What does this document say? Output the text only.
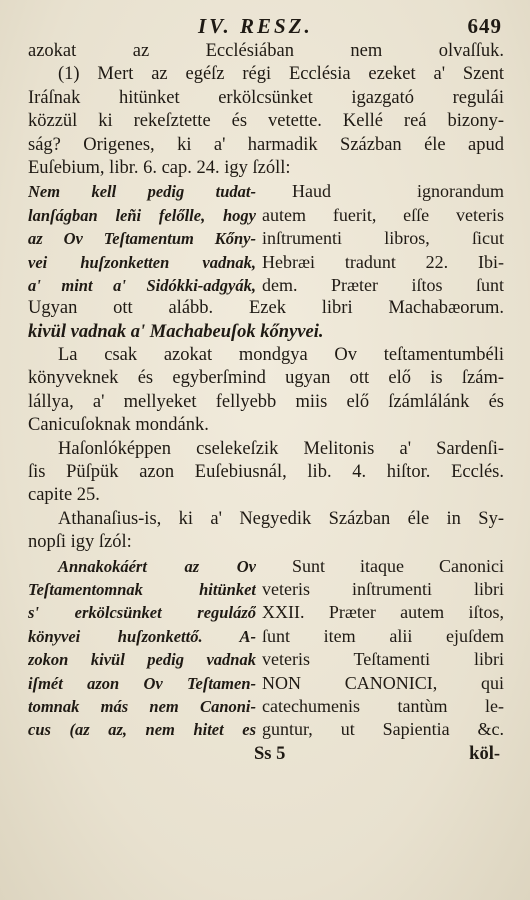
IV. RESZ.	649
azokat az Ecclésiában nem olvaſſuk.
(1) Mert az egéſz régi Ecclésia ezeket a' Szent
Iráſnak hitünket erkölcsünket igazgató regulái
közzül ki rekeſztette és vetette. Kellé reá bizony-
ság? Origenes, ki a' harmadik Százban éle apud
Euſebium, libr. 6. cap. 24. igy ſzóll:
Nem kell pedig tudat-
lanſágban leñi felőlle, hogy
az Ov Teſtamentum Kőny-
vei huſzonketten vadnak,
a' mint a' Sidókki-adgyák,
Haud ignorandum
autem fuerit, eſſe veteris
inſtrumenti libros, ſicut
Hebræi tradunt 22. Ibi-
dem. Præter iſtos ſunt
Ugyan ott alább. Ezek libri Machabæorum.
kivül vadnak a' Machabeuſok kőnyvei.
La csak azokat mondgya Ov teſtamentumbéli
könyveknek és egyberſmind ugyan ott elő is ſzám-
lállya, a' mellyeket fellyebb miis elő ſzámlálánk és
Canicuſoknak mondánk.
Haſonlóképpen cselekeſzik Melitonis a' Sardenſi-
ſis Püſpük azon Euſebiusnál, lib. 4. hiſtor. Ecclés.
capite 25.
Athanaſius-is, ki a' Negyedik Százban éle in Sy-
nopſi igy ſzól:
Annakokáért az Ov
Teſtamentomnak hitünket
s' erkölcsünket reguláző
könyvei huſzonkettő. A-
zokon kivül pedig vadnak
iſmét azon Ov Teſtamen-
tomnak más nem Canoni-
cus (az az, nem hitet es
Sunt itaque Canonici
veteris inſtrumenti libri
XXII. Præter autem iſtos,
ſunt item alii ejuſdem
veteris Teſtamenti libri
NON CANONICI, qui
catechumenis tantùm le-
guntur, ut Sapientia &c.
Ss 5	köl-
